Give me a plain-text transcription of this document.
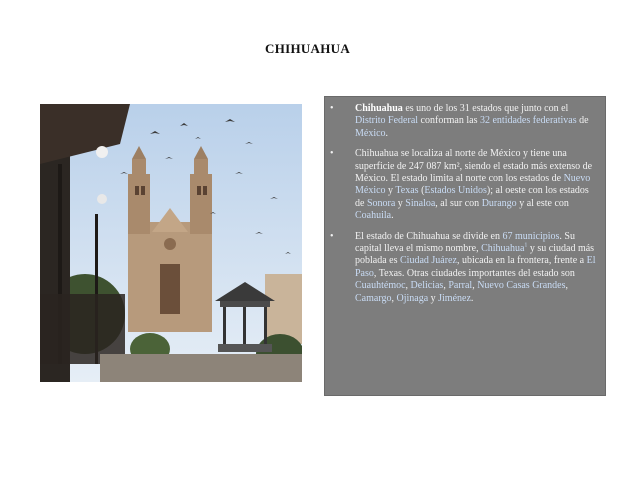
CHIHUAHUA
• Chihuahua es uno de los 31 estados que junto con el Distrito Federal conforman las 32 entidades federativas de México.
• Chihuahua se localiza al norte de México y tiene una superficie de 247 087 km², siendo el estado más extenso de México. El estado limita al norte con los estados de Nuevo México y Texas (Estados Unidos); al oeste con los estados de Sonora y Sinaloa, al sur con Durango y al este con Coahuila.
• El estado de Chihuahua se divide en 67 municipios. Su capital lleva el mismo nombre, Chihuahua$^1$ y su ciudad más poblada es Ciudad Juárez, ubicada en la frontera, frente a El Paso, Texas. Otras ciudades importantes del estado son Cuauhtémoc, Delicias, Parral, Nuevo Casas Grandes, Camargo, Ojinaga y Jiménez.
